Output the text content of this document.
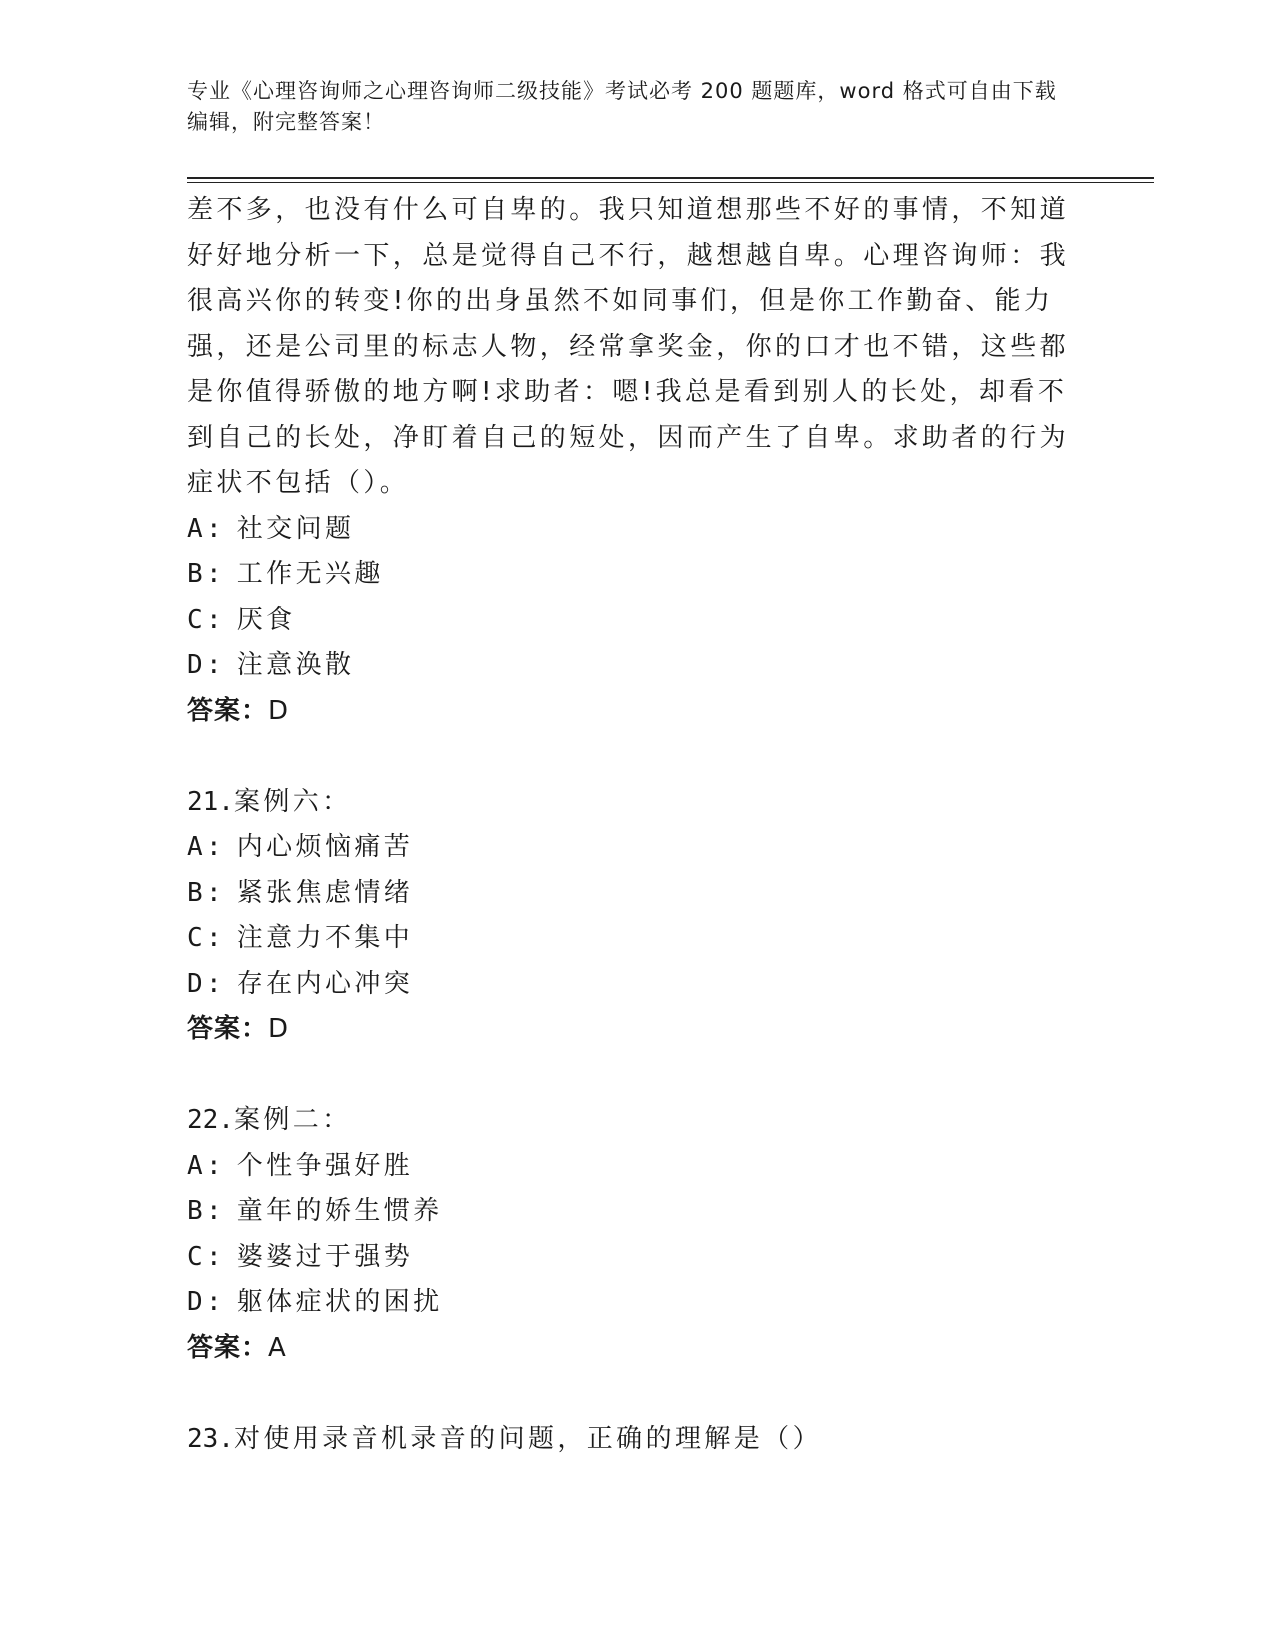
专业《心理咨询师之心理咨询师二级技能》考试必考 200 题题库，word 格式可自由下载编辑，附完整答案！

差不多，也没有什么可自卑的。我只知道想那些不好的事情，不知道好好地分析一下，总是觉得自己不行，越想越自卑。心理咨询师：我很高兴你的转变!你的出身虽然不如同事们，但是你工作勤奋、能力强，还是公司里的标志人物，经常拿奖金，你的口才也不错，这些都是你值得骄傲的地方啊!求助者：嗯!我总是看到别人的长处，却看不到自己的长处，净盯着自己的短处，因而产生了自卑。求助者的行为症状不包括（）。

A: 社交问题

B: 工作无兴趣

C: 厌食

D: 注意涣散

答案：D

21.案例六：

A: 内心烦恼痛苦

B: 紧张焦虑情绪

C: 注意力不集中

D: 存在内心冲突

答案：D

22.案例二：

A: 个性争强好胜

B: 童年的娇生惯养

C: 婆婆过于强势

D: 躯体症状的困扰

答案：A

23.对使用录音机录音的问题，正确的理解是（）
